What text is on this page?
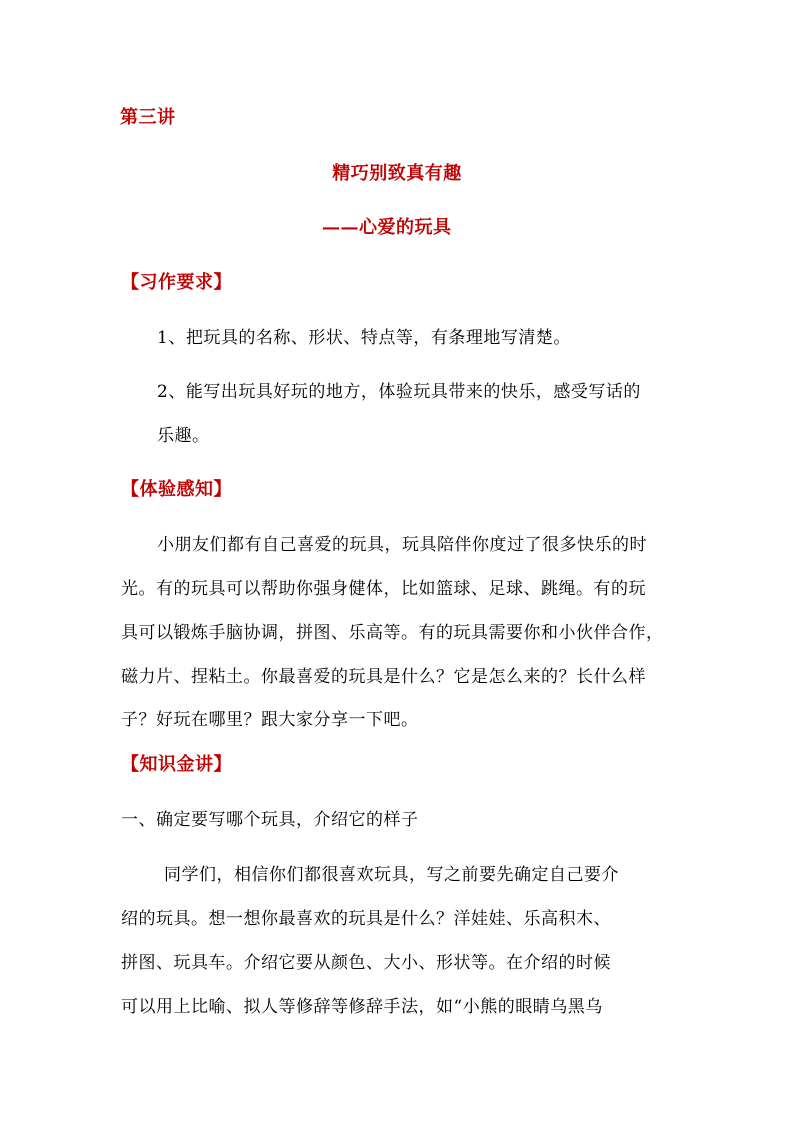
第三讲
精巧别致真有趣
——心爱的玩具
【习作要求】
1、把玩具的名称、形状、特点等，有条理地写清楚。
2、能写出玩具好玩的地方，体验玩具带来的快乐，感受写话的
乐趣。
【体验感知】
小朋友们都有自己喜爱的玩具，玩具陪伴你度过了很多快乐的时
光。有的玩具可以帮助你强身健体，比如篮球、足球、跳绳。有的玩
具可以锻炼手脑协调，拼图、乐高等。有的玩具需要你和小伙伴合作，
磁力片、捏粘土。你最喜爱的玩具是什么？它是怎么来的？长什么样
子？好玩在哪里？跟大家分享一下吧。
【知识金讲】
一、确定要写哪个玩具，介绍它的样子
同学们，相信你们都很喜欢玩具，写之前要先确定自己要介
绍的玩具。想一想你最喜欢的玩具是什么？洋娃娃、乐高积木、
拼图、玩具车。介绍它要从颜色、大小、形状等。在介绍的时候
可以用上比喻、拟人等修辞等修辞手法，如“小熊的眼睛乌黑乌
